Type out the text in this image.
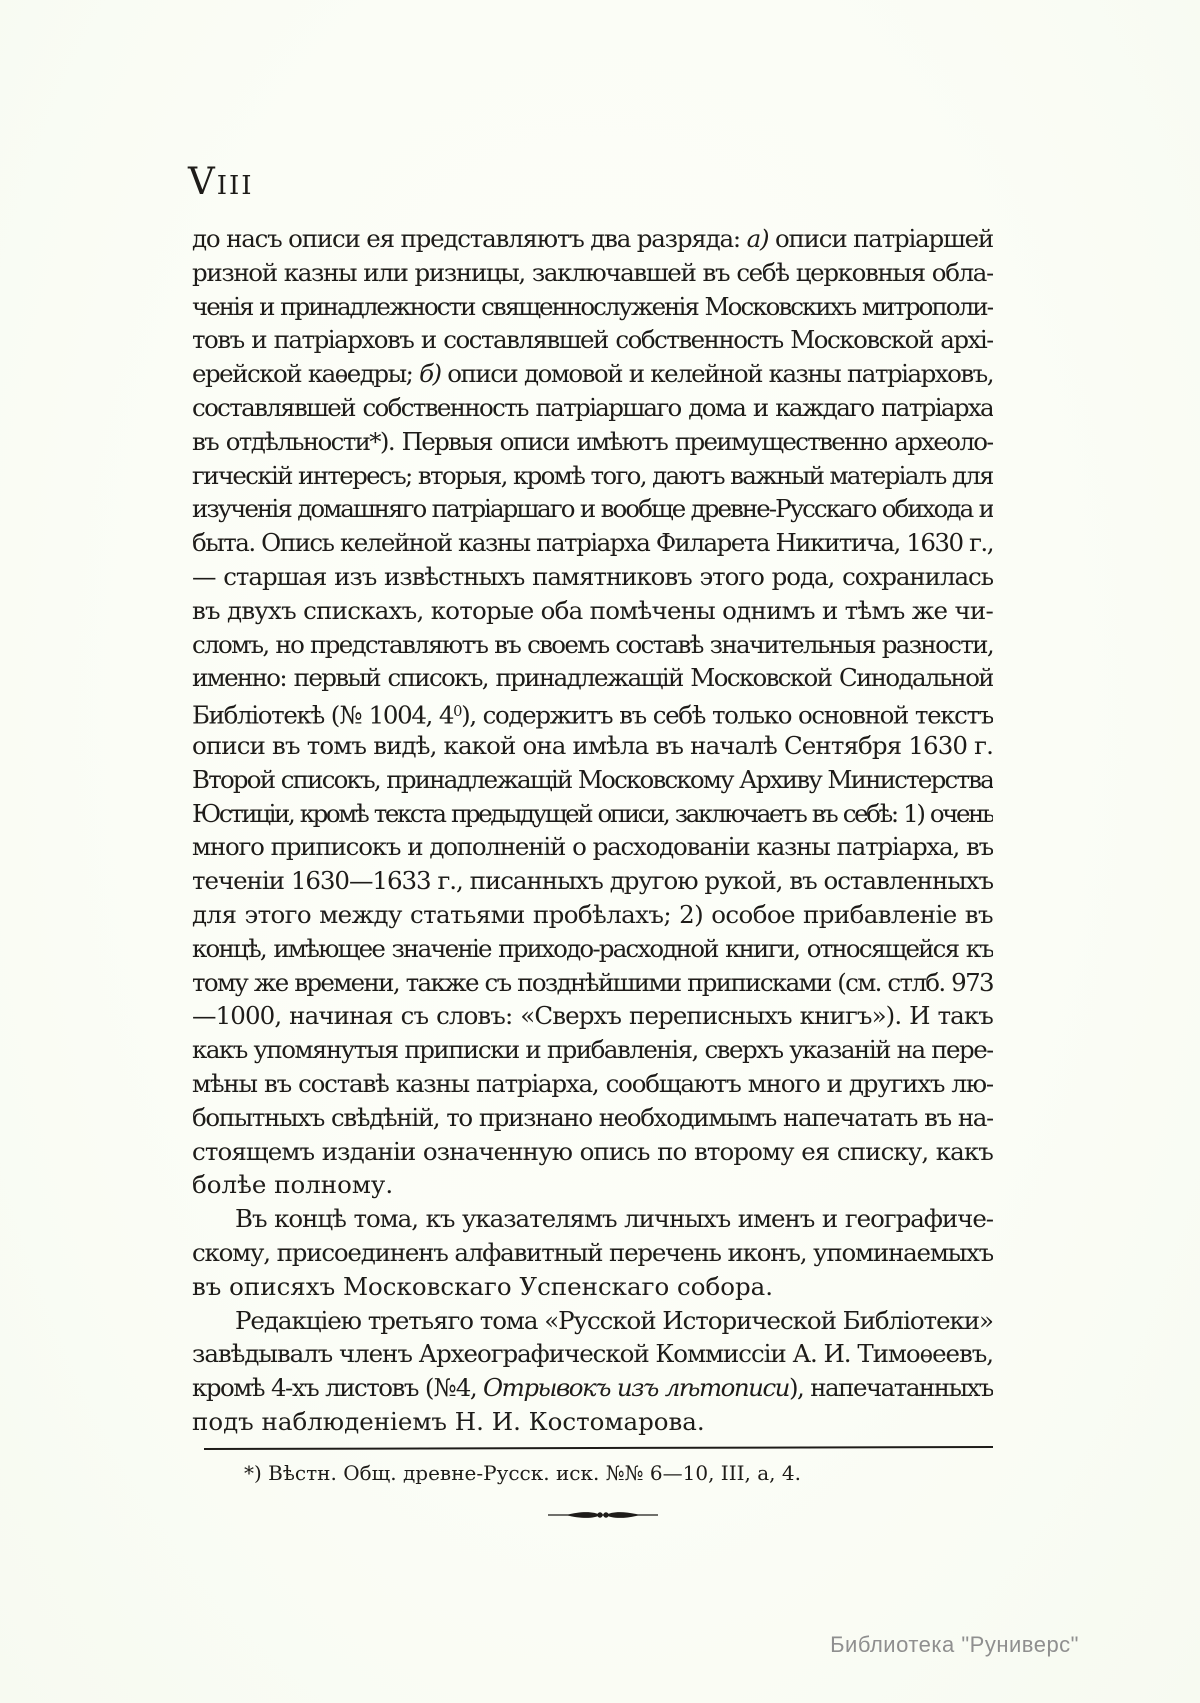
VIII
до насъ описи ея представляютъ два разряда: а) описи патріаршей
ризной казны или ризницы, заключавшей въ себѣ церковныя обла-
ченія и принадлежности священнослуженія Московскихъ митрополи-
товъ и патріарховъ и составлявшей собственность Московской архі-
ерейской каѳедры; б) описи домовой и келейной казны патріарховъ,
составлявшей собственность патріаршаго дома и каждаго патріарха
въ отдѣльности*). Первыя описи имѣютъ преимущественно археоло-
гическій интересъ; вторыя, кромѣ того, даютъ важный матеріалъ для
изученія домашняго патріаршаго и вообще древне-Русскаго обихода и
быта. Опись келейной казны патріарха Филарета Никитича, 1630 г.,
— старшая изъ извѣстныхъ памятниковъ этого рода, сохранилась
въ двухъ спискахъ, которые оба помѣчены однимъ и тѣмъ же чи-
сломъ, но представляютъ въ своемъ составѣ значительныя разности,
именно: первый списокъ, принадлежащій Московской Синодальной
Библіотекѣ (№ 1004, $4^0$), содержитъ въ себѣ только основной текстъ
описи въ томъ видѣ, какой она имѣла въ началѣ Сентября 1630 г.
Второй списокъ, принадлежащій Московскому Архиву Министерства
Юстиціи, кромѣ текста предыдущей описи, заключаетъ въ себѣ: 1) очень
много приписокъ и дополненій о расходованіи казны патріарха, въ
теченіи 1630—1633 г., писанныхъ другою рукой, въ оставленныхъ
для этого между статьями пробѣлахъ; 2) особое прибавленіе въ
концѣ, имѣющее значеніе приходо-расходной книги, относящейся къ
тому же времени, также съ позднѣйшими приписками (см. стлб. 973
—1000, начиная съ словъ: «Сверхъ переписныхъ книгъ»). И такъ
какъ упомянутыя приписки и прибавленія, сверхъ указаній на пере-
мѣны въ составѣ казны патріарха, сообщаютъ много и другихъ лю-
бопытныхъ свѣдѣній, то признано необходимымъ напечатать въ на-
стоящемъ изданіи означенную опись по второму ея списку, какъ
болѣе полному.
Въ концѣ тома, къ указателямъ личныхъ именъ и географиче-
скому, присоединенъ алфавитный перечень иконъ, упоминаемыхъ
въ описяхъ Московскаго Успенскаго собора.
Редакціею третьяго тома «Русской Исторической Библіотеки»
завѣдывалъ членъ Археографической Коммиссіи А. И. Тимоѳеевъ,
кромѣ 4-хъ листовъ (№4, Отрывокъ изъ лѣтописи), напечатанныхъ
подъ наблюденіемъ Н. И. Костомарова.
*) Вѣстн. Общ. древне-Русск. иск. №№ 6—10, III, а, 4.
Библиотека "Руниверс"
